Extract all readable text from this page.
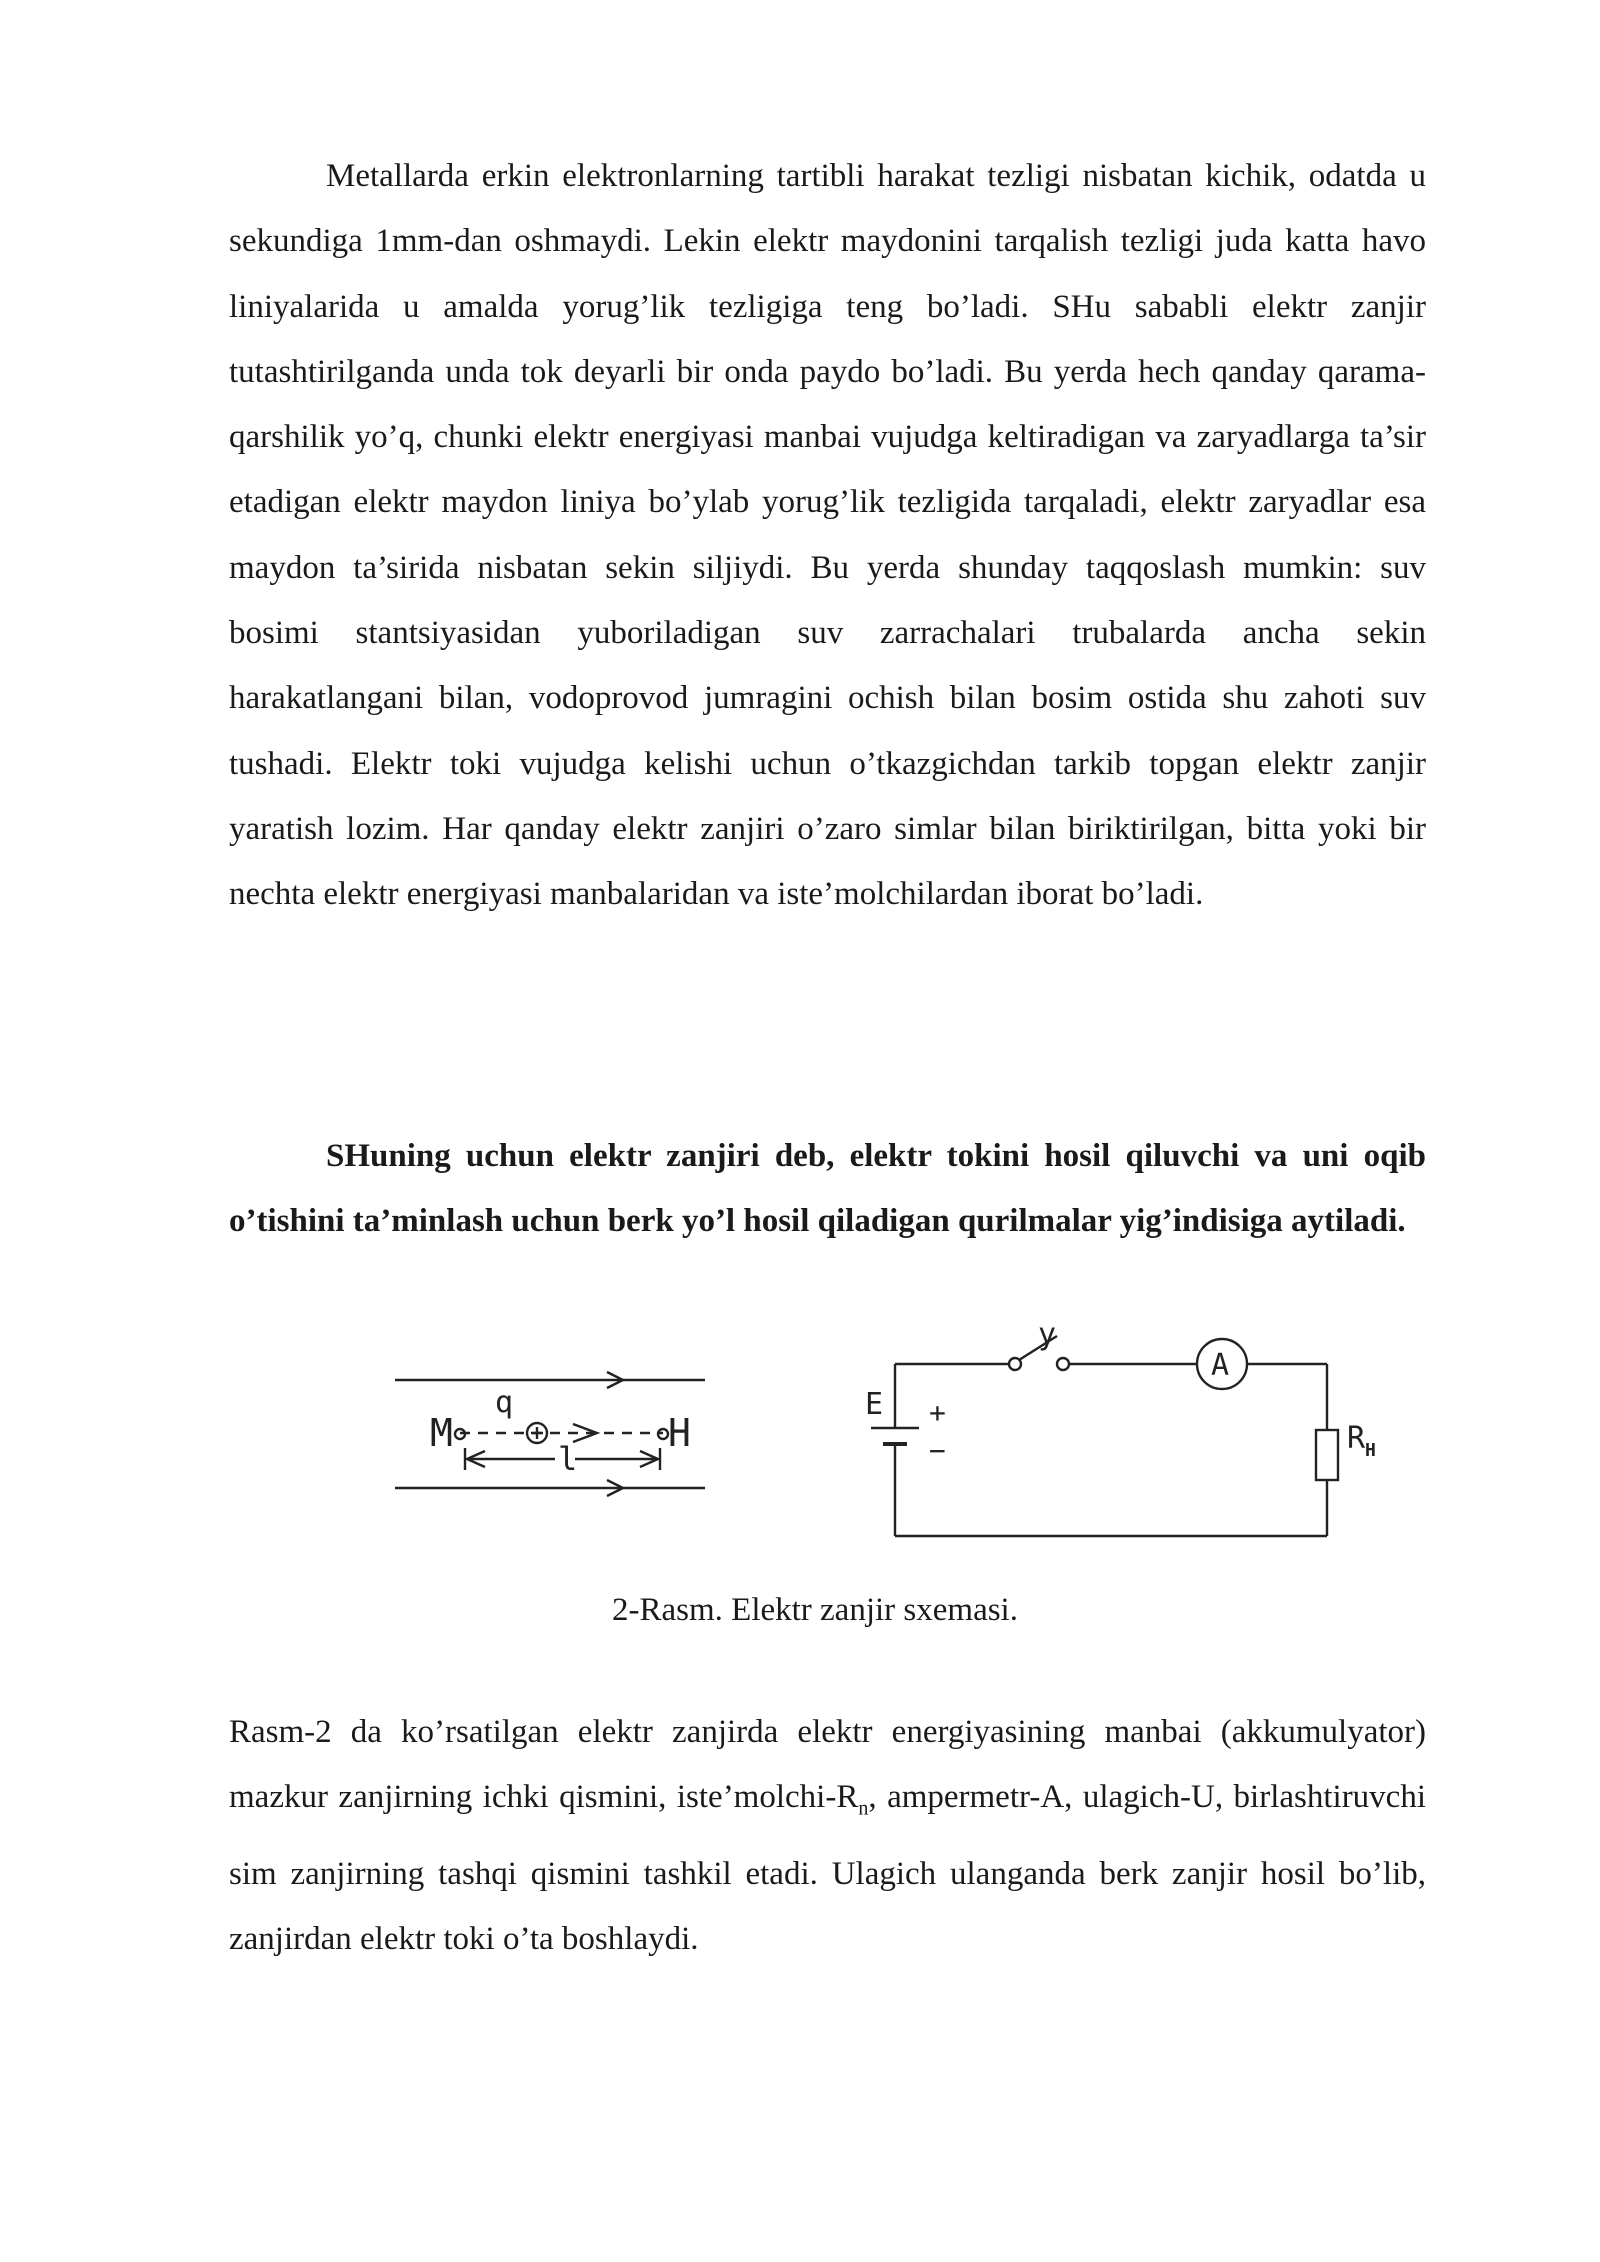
Metallarda erkin elektronlarning tartibli harakat tezligi nisbatan kichik, odatda u sekundiga 1mm-dan oshmaydi. Lekin elektr maydonini tarqalish tezligi juda katta havo liniyalarida u amalda yorug’lik tezligiga teng bo’ladi. SHu sababli elektr zanjir tutashtirilganda unda tok deyarli bir onda paydo bo’ladi. Bu yerda hech qanday qarama-qarshilik yo’q, chunki elektr energiyasi manbai vujudga keltiradigan va zaryadlarga ta’sir etadigan elektr maydon liniya bo’ylab yorug’lik tezligida tarqaladi, elektr zaryadlar esa maydon ta’sirida nisbatan sekin siljiydi. Bu yerda shunday taqqoslash mumkin: suv bosimi stantsiyasidan yuboriladigan suv zarrachalari trubalarda ancha sekin harakatlangani bilan, vodoprovod jumragini ochish bilan bosim ostida shu zahoti suv tushadi. Elektr toki vujudga kelishi uchun o’tkazgichdan tarkib topgan elektr zanjir yaratish lozim. Har qanday elektr zanjiri o’zaro simlar bilan biriktirilgan, bitta yoki bir nechta elektr energiyasi manbalaridan va iste’molchilardan iborat bo’ladi.

SHuning uchun elektr zanjiri deb, elektr tokini hosil qiluvchi va uni oqib o’tishini ta’minlash uchun berk yo’l hosil qiladigan qurilmalar yig’indisiga aytiladi.

M
q
H
l
y
A
E +
−	R H

2-Rasm. Elektr zanjir sxemasi.

Rasm-2 da ko’rsatilgan elektr zanjirda elektr energiyasining manbai (akkumulyator) mazkur zanjirning ichki qismini, $iste’molchi-R_n$, ampermetr-A, ulagich-U, birlashtiruvchi sim zanjirning tashqi qismini tashkil etadi. Ulagich ulanganda berk zanjir hosil bo’lib, zanjirdan elektr toki o’ta boshlaydi.
